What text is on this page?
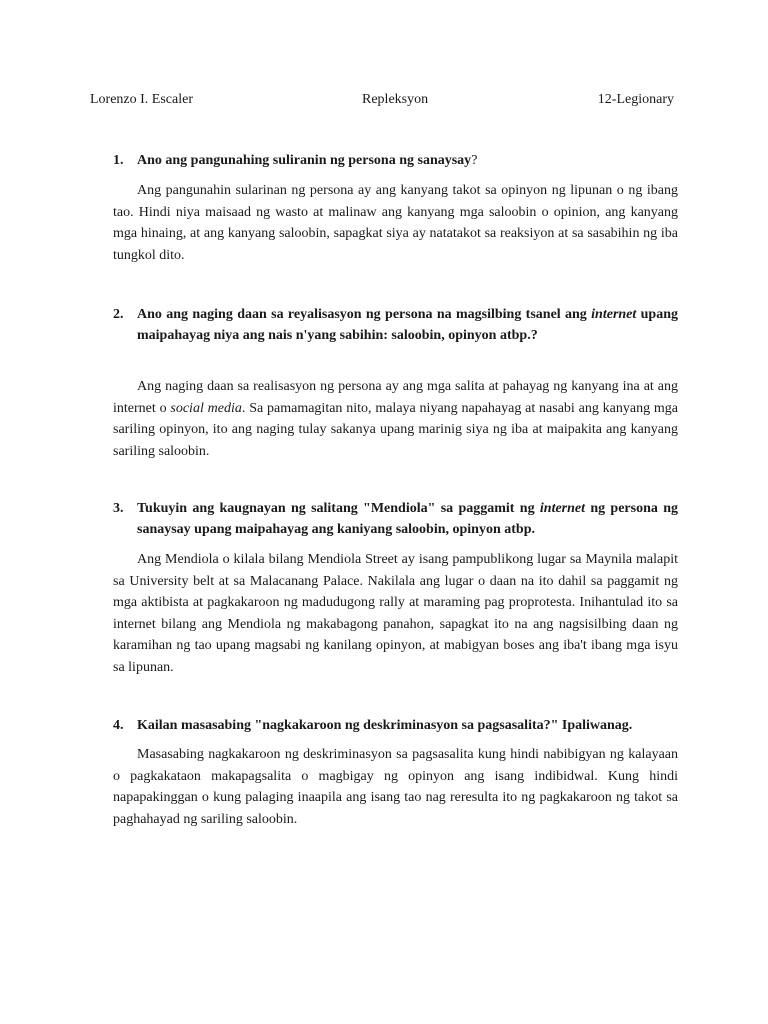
Lorenzo I. Escaler	Repleksyon	12-Legionary
1. Ano ang pangunahing suliranin ng persona ng sanaysay?

Ang pangunahin sularinan ng persona ay ang kanyang takot sa opinyon ng lipunan o ng ibang tao. Hindi niya maisaad ng wasto at malinaw ang kanyang mga saloobin o opinion, ang kanyang mga hinaing, at ang kanyang saloobin, sapagkat siya ay natatakot sa reaksiyon at sa sasabihin ng iba tungkol dito.

2. Ano ang naging daan sa reyalisasyon ng persona na magsilbing tsanel ang internet upang maipahayag niya ang nais n'yang sabihin: saloobin, opinyon atbp.?

Ang naging daan sa realisasyon ng persona ay ang mga salita at pahayag ng kanyang ina at ang internet o social media. Sa pamamagitan nito, malaya niyang napahayag at nasabi ang kanyang mga sariling opinyon, ito ang naging tulay sakanya upang marinig siya ng iba at maipakita ang kanyang sariling saloobin.

3. Tukuyin ang kaugnayan ng salitang "Mendiola" sa paggamit ng internet ng persona ng sanaysay upang maipahayag ang kaniyang saloobin, opinyon atbp.

Ang Mendiola o kilala bilang Mendiola Street ay isang pampublikong lugar sa Maynila malapit sa University belt at sa Malacanang Palace. Nakilala ang lugar o daan na ito dahil sa paggamit ng mga aktibista at pagkakaroon ng madudugong rally at maraming pag proprotesta. Inihantulad ito sa internet bilang ang Mendiola ng makabagong panahon, sapagkat ito na ang nagsisilbing daan ng karamihan ng tao upang magsabi ng kanilang opinyon, at mabigyan boses ang iba't ibang mga isyu sa lipunan.

4. Kailan masasabing "nagkakaroon ng deskriminasyon sa pagsasalita?" Ipaliwanag.

Masasabing nagkakaroon ng deskriminasyon sa pagsasalita kung hindi nabibigyan ng kalayaan o pagkakataon makapagsalita o magbigay ng opinyon ang isang indibidwal. Kung hindi napapakinggan o kung palaging inaapila ang isang tao nag reresulta ito ng pagkakaroon ng takot sa paghahayad ng sariling saloobin.
